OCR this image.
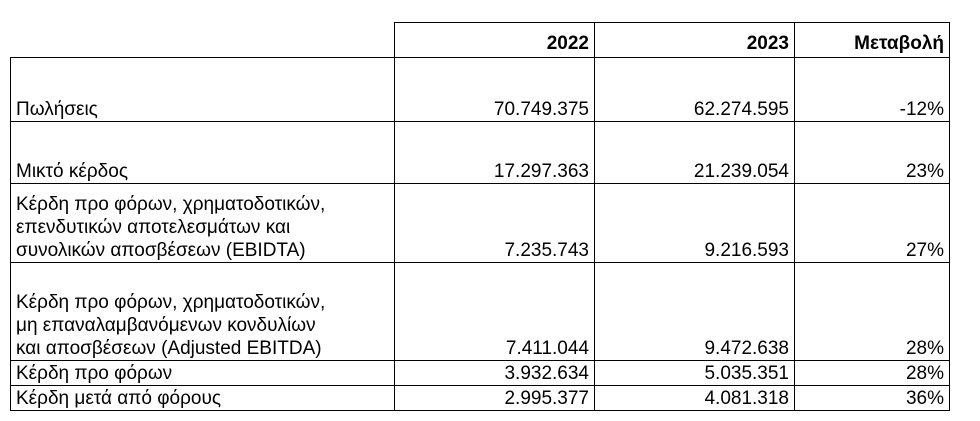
	2022	2023	Μεταβολή
Πωλήσεις	70.749.375	62.274.595	-12%
Μικτό κέρδος	17.297.363	21.239.054	23%

Κέρδη προ φόρων, χρηματοδοτικών,
επενδυτικών αποτελεσμάτων και
συνολικών αποσβέσεων (EBIDTA)	7.235.743	9.216.593	27%

Κέρδη προ φόρων, χρηματοδοτικών,
μη επαναλαμβανόμενων κονδυλίων
και αποσβέσεων (Adjusted EBITDA)	7.411.044	9.472.638	28%
Κέρδη προ φόρων	3.932.634	5.035.351	28%
Κέρδη μετά από φόρους	2.995.377	4.081.318	36%
